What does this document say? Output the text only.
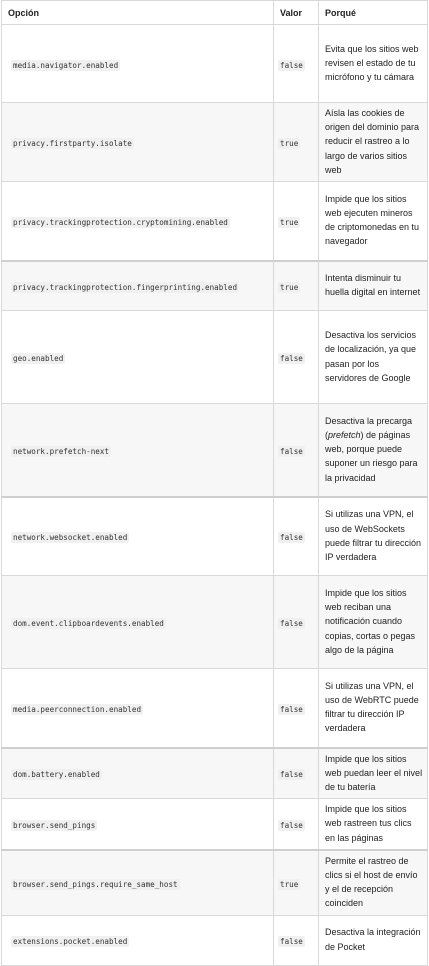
Opción	Valor	Porqué
media.navigator.enabled	false	Evita que los sitios web revisen el estado de tu micrófono y tu cámara
privacy.firstparty.isolate	true	Aísla las cookies de origen del dominio para reducir el rastreo a lo largo de varios sitios web
privacy.trackingprotection.cryptomining.enabled	true	Impide que los sitios web ejecuten mineros de criptomonedas en tu navegador
privacy.trackingprotection.fingerprinting.enabled	true	Intenta disminuir tu huella digital en internet
geo.enabled	false	Desactiva los servicios de localización, ya que pasan por los servidores de Google
network.prefetch-next	false	Desactiva la precarga (prefetch) de páginas web, porque puede suponer un riesgo para la privacidad
network.websocket.enabled	false	Si utilizas una VPN, el uso de WebSockets puede filtrar tu dirección IP verdadera
dom.event.clipboardevents.enabled	false	Impide que los sitios web reciban una notificación cuando copias, cortas o pegas algo de la página
media.peerconnection.enabled	false	Si utilizas una VPN, el uso de WebRTC puede filtrar tu dirección IP verdadera
dom.battery.enabled	false	Impide que los sitios web puedan leer el nivel de tu batería
browser.send_pings	false	Impide que los sitios web rastreen tus clics en las páginas
browser.send_pings.require_same_host	true	Permite el rastreo de clics si el host de envío y el de recepción coinciden
extensions.pocket.enabled	false	Desactiva la integración de Pocket
